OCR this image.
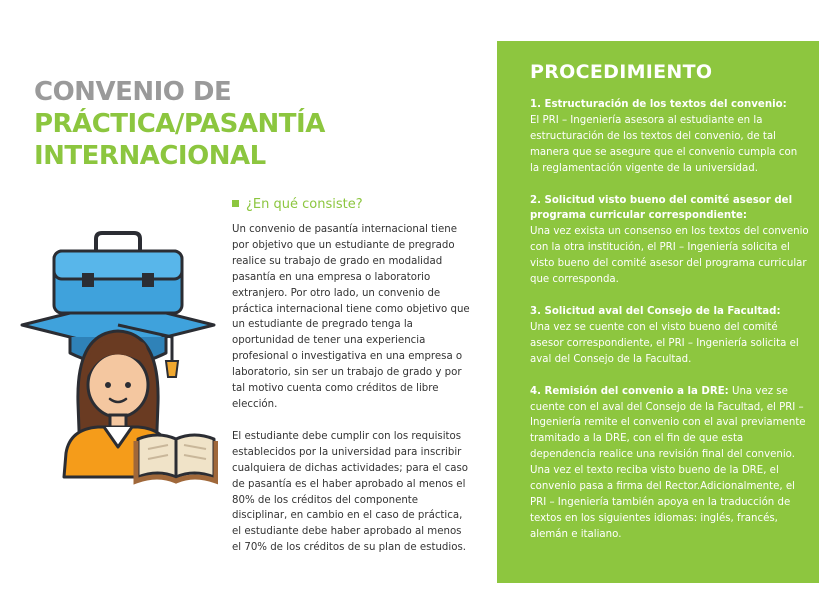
CONVENIO DE
PRÁCTICA/PASANTÍA
INTERNACIONAL
¿En qué consiste?

Un convenio de pasantía internacional tiene por objetivo que un estudiante de pregrado realice su trabajo de grado en modalidad pasantía en una empresa o laboratorio extranjero. Por otro lado, un convenio de práctica internacional tiene como objetivo que un estudiante de pregrado tenga la oportunidad de tener una experiencia profesional o investigativa en una empresa o laboratorio, sin ser un trabajo de grado y por tal motivo cuenta como créditos de libre elección.

El estudiante debe cumplir con los requisitos establecidos por la universidad para inscribir cualquiera de dichas actividades; para el caso de pasantía es el haber aprobado al menos el 80% de los créditos del componente disciplinar, en cambio en el caso de práctica, el estudiante debe haber aprobado al menos el 70% de los créditos de su plan de estudios.

PROCEDIMIENTO
1. Estructuración de los textos del convenio:
El PRI – Ingeniería asesora al estudiante en la estructuración de los textos del convenio, de tal manera que se asegure que el convenio cumpla con la reglamentación vigente de la universidad.
2. Solicitud visto bueno del comité asesor del programa curricular correspondiente:
Una vez exista un consenso en los textos del convenio con la otra institución, el PRI – Ingeniería solicita el visto bueno del comité asesor del programa curricular que corresponda.
3. Solicitud aval del Consejo de la Facultad:
Una vez se cuente con el visto bueno del comité asesor correspondiente, el PRI – Ingeniería solicita el aval del Consejo de la Facultad.
4. Remisión del convenio a la DRE: Una vez se cuente con el aval del Consejo de la Facultad, el PRI – Ingeniería remite el convenio con el aval previamente tramitado a la DRE, con el fin de que esta dependencia realice una revisión final del convenio. Una vez el texto reciba visto bueno de la DRE, el convenio pasa a firma del Rector.Adicionalmente, el PRI – Ingeniería también apoya en la traducción de textos en los siguientes idiomas: inglés, francés, alemán e italiano.
